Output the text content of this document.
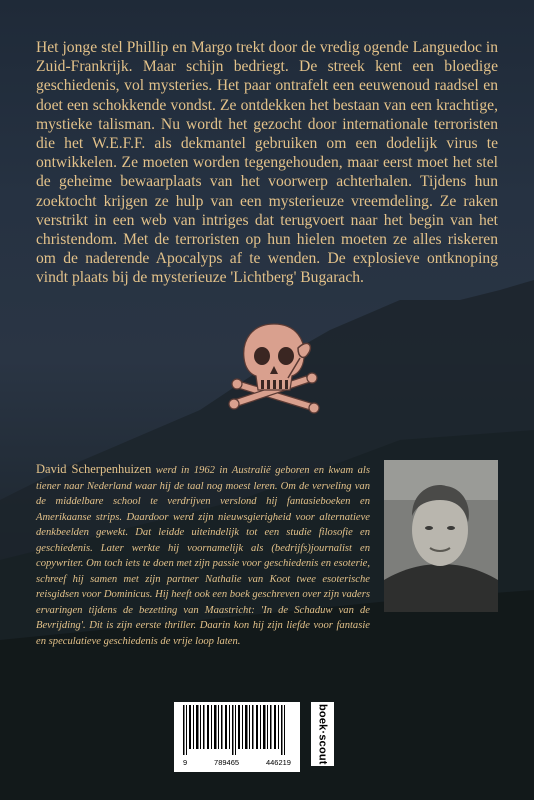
Het jonge stel Phillip en Margo trekt door de vredig ogende Languedoc in Zuid-Frankrijk. Maar schijn bedriegt. De streek kent een bloedige geschiedenis, vol mysteries. Het paar ontrafelt een eeuwenoud raadsel en doet een schokkende vondst. Ze ontdekken het bestaan van een krachtige, mystieke talisman. Nu wordt het gezocht door internationale terroristen die het W.E.F.F. als dekmantel gebruiken om een dodelijk virus te ontwikkelen. Ze moeten worden tegengehouden, maar eerst moet het stel de geheime bewaarplaats van het voorwerp achterhalen. Tijdens hun zoektocht krijgen ze hulp van een mysterieuze vreemdeling. Ze raken verstrikt in een web van intriges dat terugvoert naar het begin van het christendom. Met de terroristen op hun hielen moeten ze alles riskeren om de naderende Apocalyps af te wenden. De explosieve ontknoping vindt plaats bij de mysterieuze 'Lichtberg' Bugarach.

David Scherpenhuizen werd in 1962 in Australië geboren en kwam als tiener naar Nederland waar hij de taal nog moest leren. Om de verveling van de middelbare school te verdrijven verslond hij fantasieboeken en Amerikaanse strips. Daardoor werd zijn nieuwsgierigheid voor alternatieve denkbeelden gewekt. Dat leidde uiteindelijk tot een studie filosofie en geschiedenis. Later werkte hij voornamelijk als (bedrijfs)journalist en copywriter. Om toch iets te doen met zijn passie voor geschiedenis en esoterie, schreef hij samen met zijn partner Nathalie van Koot twee esoterische reisgidsen voor Dominicus. Hij heeft ook een boek geschreven over zijn vaders ervaringen tijdens de bezetting van Maastricht: 'In de Schaduw van de Bevrijding'. Dit is zijn eerste thriller. Daarin kon hij zijn liefde voor fantasie en speculatieve geschiedenis de vrije loop laten.

9	789465	446219 boek·scout
